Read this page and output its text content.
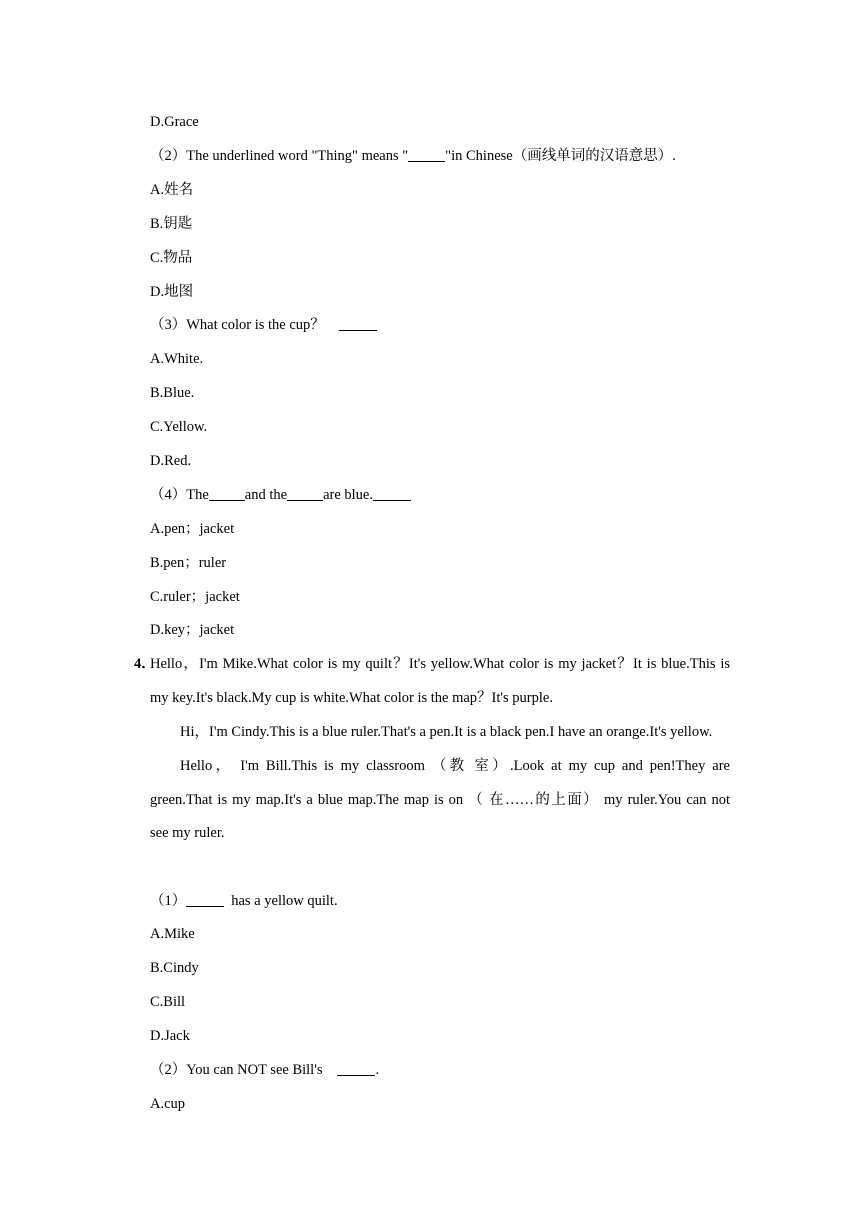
D.Grace
（2）The underlined word "Thing" means "	"in Chinese（画线单词的汉语意思）.
A.姓名
B.钥匙
C.物品
D.地图
（3）What color is the cup？
A.White.
B.Blue.
C.Yellow.
D.Red.
（4）The and the are blue.
A.pen；jacket
B.pen；ruler
C.ruler；jacket
D.key；jacket
4．
Hello，I'm Mike.What color is my quilt？It's yellow.What color is my jacket？It is blue.This is
my key.It's black.My cup is white.What color is the map？It's purple.
Hi，I'm Cindy.This is a blue ruler.That's a pen.It is a black pen.I have an orange.It's yellow.
Hello， I'm Bill.This is my classroom （教 室）.Look at my cup and pen!They are
green.That is my map.It's a blue map.The map is on （ 在……的上面） my ruler.You can not
see my ruler.
（1）	has a yellow quilt.
A.Mike
B.Cindy
C.Bill
D.Jack
（2）You can NOT see Bill's	.
A.cup
